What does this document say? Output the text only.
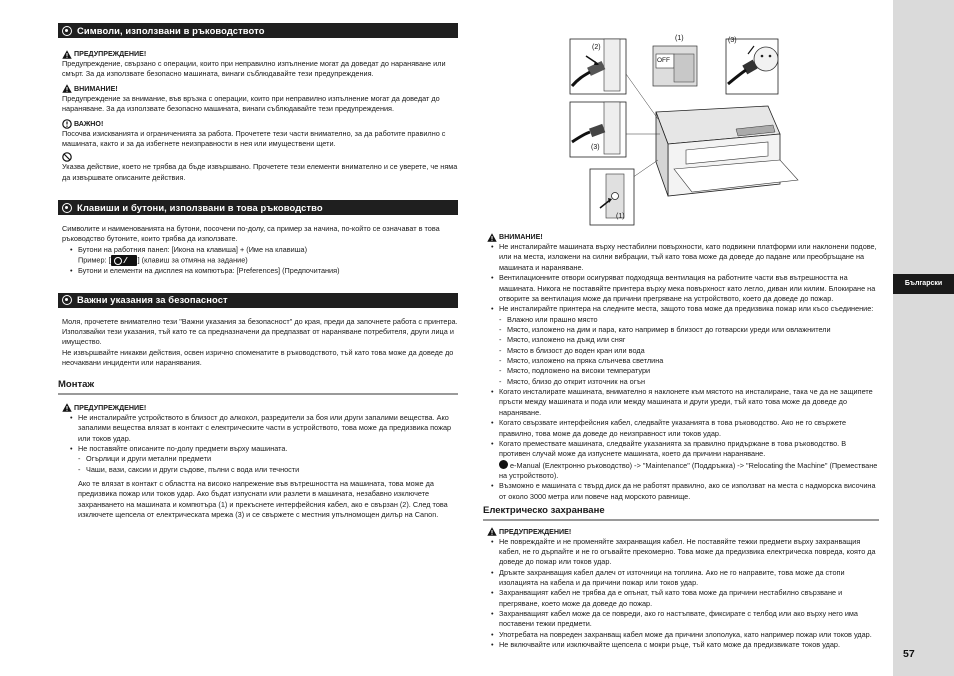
Български
57
Символи, използвани в ръководството
ПРЕДУПРЕЖДЕНИЕ!
Предупреждение, свързано с операции, които при неправилно изпълнение могат да доведат до нараняване или смърт. За да използвате безопасно машината, винаги съблюдавайте тези предупреждения.
ВНИМАНИЕ!
Предупреждение за внимание, във връзка с операции, които при неправилно изпълнение могат да доведат до нараняване. За да използвате безопасно машината, винаги съблюдавайте тези предупреждения.
ВАЖНО!
Посочва изискванията и ограниченията за работа. Прочетете тези части внимателно, за да работите правилно с машината, както и за да избегнете неизправности в нея или имуществени щети.
Указва действие, което не трябва да бъде извършвано. Прочетете тези елементи внимателно и се уверете, че няма да извършвате описаните действия.
Клавиши и бутони, използвани в това ръководство
Символите и наименованията на бутони, посочени по-долу, са пример за начина, по-който се означават в това ръководство бутоните, които трябва да използвате.
• Бутони на работния панел: [Икона на клавиша] + (Име на клавиша)
Пример: [	] (клавиш за отмяна на задание)
• Бутони и елементи на дисплея на компютъра: [Preferences] (Предпочитания)
Важни указания за безопасност
Моля, прочетете внимателно тези "Важни указания за безопасност" до края, преди да започнете работа с принтера.
Използвайки тези указания, тъй като те са предназначени да предпазват от нараняване потребителя, други лица и имущество.
Не извършвайте никакви действия, освен изрично споменатите в ръководството, тъй като това може да доведе до неочаквани инциденти или наранявания.
Монтаж
ПРЕДУПРЕЖДЕНИЕ!
• Не инсталирайте устройството в близост до алкохол, разредители за боя или други запалими вещества. Ако запалими вещества влязат в контакт с електрическите части в устройството, това може да предизвика пожар или токов удар.
• Не поставяйте описаните по-долу предмети върху машината.
- Огърлици и други метални предмети
- Чаши, вази, саксии и други съдове, пълни с вода или течности
Ако те влязат в контакт с областта на високо напрежение във вътрешността на машината, това може да предизвика пожар или токов удар. Ако бъдат изпуснати или разлети в машината, незабавно изключете захранването на машината и компютъра (1) и прекъснете интерфейсния кабел, ако е свързан (2). След това изключете щепсела от електрическата мрежа (3) и се свържете с местния упълномощен дилър на Canon.
(1)
(2)
(3)
OFF
(3)
(1)
ВНИМАНИЕ!
• Не инсталирайте машината върху нестабилни повърхности, като подвижни платформи или наклонени подове, или на места, изложени на силни вибрации, тъй като това може да доведе до падане или преобръщане на машината и нараняване.
• Вентилационните отвори осигуряват подходяща вентилация на работните части във вътрешността на машината. Никога не поставяйте принтера върху мека повърхност като легло, диван или килим. Блокиране на отворите за вентилация може да причини прегряване на устройството, което да доведе до пожар.
• Не инсталирайте принтера на следните места, защото това може да предизвика пожар или късо съединение:
- Влажно или прашно място
- Място, изложено на дим и пара, като например в близост до готварски уреди или овлажнители
- Място, изложено на дъжд или сняг
- Място в близост до воден кран или вода
- Място, изложено на пряка слънчева светлина
- Място, подложено на високи температури
- Място, близо до открит източник на огън
• Когато инсталирате машината, внимателно я наклонете към мястото на инсталиране, така че да не защипете пръсти между машината и пода или между машината и други уреди, тъй като това може да доведе до нараняване.
• Когато свързвате интерфейсния кабел, следвайте указанията в това ръководство. Ако не го свържете правилно, това може да доведе до неизправност или токов удар.
• Когато премествате машината, следвайте указанията за правилно придържане в това ръководство. В противен случай може да изпуснете машината, което да причини нараняване.
e-Manual (Електронно ръководство) -> "Maintenance" (Поддръжка) -> "Relocating the Machine" (Преместване на устройството).
• Възможно е машината с твърд диск да не работят правилно, ако се използват на места с надморска височина от около 3000 метра или повече над морското равнище.
Електрическо захранване
ПРЕДУПРЕЖДЕНИЕ!
• Не повреждайте и не променяйте захранващия кабел. Не поставяйте тежки предмети върху захранващия кабел, не го дърпайте и не го огъвайте прекомерно. Това може да предизвика електрическа повреда, която да доведе до пожар или токов удар.
• Дръжте захранващия кабел далеч от източници на топлина. Ако не го направите, това може да стопи изолацията на кабела и да причини пожар или токов удар.
• Захранващият кабел не трябва да е опънат, тъй като това може да причини нестабилно свързване и прегряване, което може да доведе до пожар.
• Захранващият кабел може да се повреди, ако го настъпвате, фиксирате с телбод или ако върху него има поставени тежки предмети.
• Употребата на повреден захранващ кабел може да причини злополука, като например пожар или токов удар.
• Не включвайте или изключвайте щепсела с мокри ръце, тъй като може да предизвикате токов удар.
